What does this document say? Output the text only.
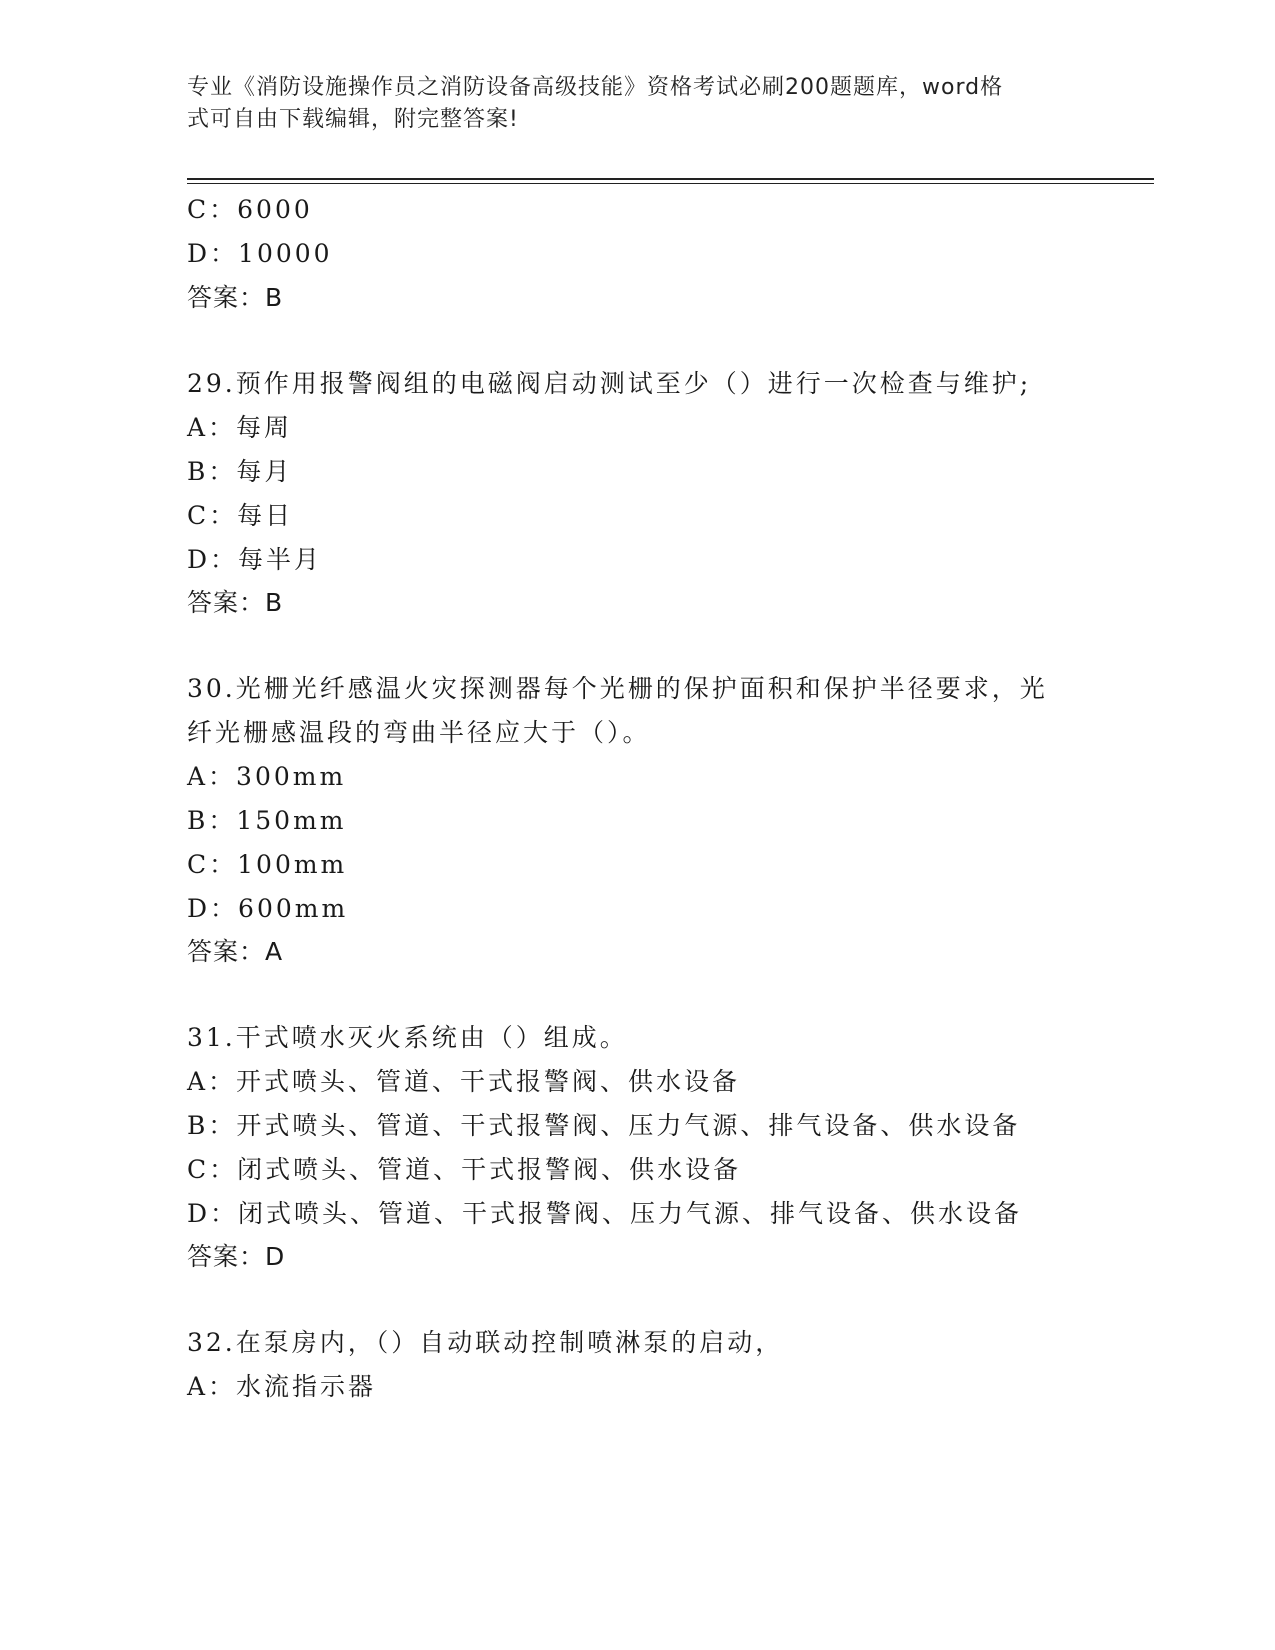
专业《消防设施操作员之消防设备高级技能》资格考试必刷200题题库，word格
式可自由下载编辑，附完整答案!
C：6000
D：10000
答案：B
29.预作用报警阀组的电磁阀启动测试至少（）进行一次检查与维护;
A：每周
B：每月
C：每日
D：每半月
答案：B
30.光栅光纤感温火灾探测器每个光栅的保护面积和保护半径要求，光
纤光栅感温段的弯曲半径应大于（）。
A：300mm
B：150mm
C：100mm
D：600mm
答案：A
31.干式喷水灭火系统由（）组成。
A：开式喷头、管道、干式报警阀、供水设备
B：开式喷头、管道、干式报警阀、压力气源、排气设备、供水设备
C：闭式喷头、管道、干式报警阀、供水设备
D：闭式喷头、管道、干式报警阀、压力气源、排气设备、供水设备
答案：D
32.在泵房内，（）自动联动控制喷淋泵的启动，
A：水流指示器
